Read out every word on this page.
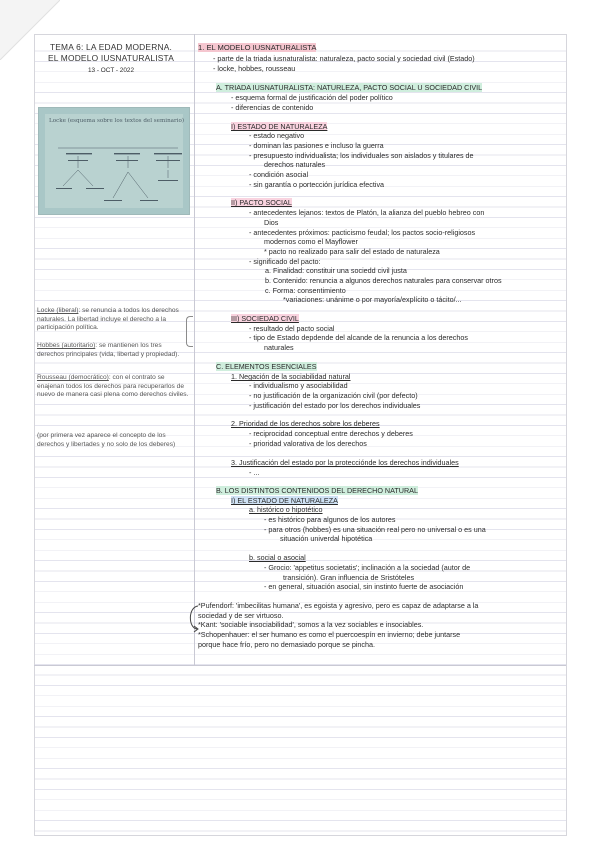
TEMA 6: LA EDAD MODERNA.
EL MODELO IUSNATURALISTA
13 - OCT - 2022
Locke (esquema sobre los textos del seminario)
Locke (liberal): se renuncia a todos los derechos naturales. La libertad incluye el derecho a la participación política.
Hobbes (autoritario): se mantienen los tres derechos principales (vida, libertad y propiedad).
Rousseau (democrático): con el contrato se enajenan todos los derechos para recuperarlos de nuevo de manera casi plena como derechos civiles.
(por primera vez aparece el concepto de los derechos y libertades y no solo de los deberes)
1. EL MODELO IUSNATURALISTA
- parte de la triada iusnaturalista: naturaleza, pacto social y sociedad civil (Estado)
- locke, hobbes, rousseau
A. TRIADA IUSNATURALISTA: NATURLEZA, PACTO SOCIAL U SOCIEDAD CIVIL
- esquema formal de justificación del poder político
- diferencias de contenido
I) ESTADO DE NATURALEZA
- estado negativo
- dominan las pasiones e incluso la guerra
- presupuesto individualista; los individuales son aislados y titulares de
derechos naturales
- condición asocial
- sin garantía o portección jurídica efectiva
II) PACTO SOCIAL
- antecedentes lejanos: textos de Platón, la alianza del pueblo hebreo con
Dios
- antecedentes próximos: pacticismo feudal; los pactos socio-religiosos
modernos como el Mayflower
* pacto no realizado para salir del estado de naturaleza
- significado del pacto:
a. Finalidad: constituir una sociedd civil justa
b. Contenido: renuncia a algunos derechos naturales para conservar otros
c. Forma: consentimiento
*variaciones: unánime o por mayoría/explícito o tácito/...
III) SOCIEDAD CIVIL
- resultado del pacto social
- tipo de Estado depdende del alcande de la renuncia a los derechos
naturales
C. ELEMENTOS ESENCIALES
1. Negación de la sociabilidad natural
- individualismo y asociabilidad
- no justificación de la organización civil (por defecto)
- justificación del estado por los derechos individuales
2. Prioridad de los derechos sobre los deberes
- reciprocidad conceptual entre derechos y deberes
- prioridad valorativa de los derechos
3. Justificación del estado por la protecciónde los derechos individuales
- ...
B. LOS DISTINTOS CONTENIDOS DEL DERECHO NATURAL
I) EL ESTADO DE NATURALEZA
a. histórico o hipotético
- es histórico para algunos de los autores
- para otros (hobbes) es una situación real pero no universal o es una
situación univerdal hipotética
b. social o asocial
- Grocio: 'appetitus societatis'; inclinación a la sociedad (autor de
transición). Gran influencia de Sristóteles
- en general, situación asocial, sin instinto fuerte de asociación
*Pufendorf: 'imbecilitas humana', es egoista y agresivo, pero es capaz de adaptarse a la
sociedad y de ser virtuoso.
*Kant: 'sociable insociabilidad', somos a la vez sociables e insociables.
*Schopenhauer: el ser humano es como el puercoespín en invierno; debe juntarse
porque hace frío, pero no demasiado porque se pincha.
